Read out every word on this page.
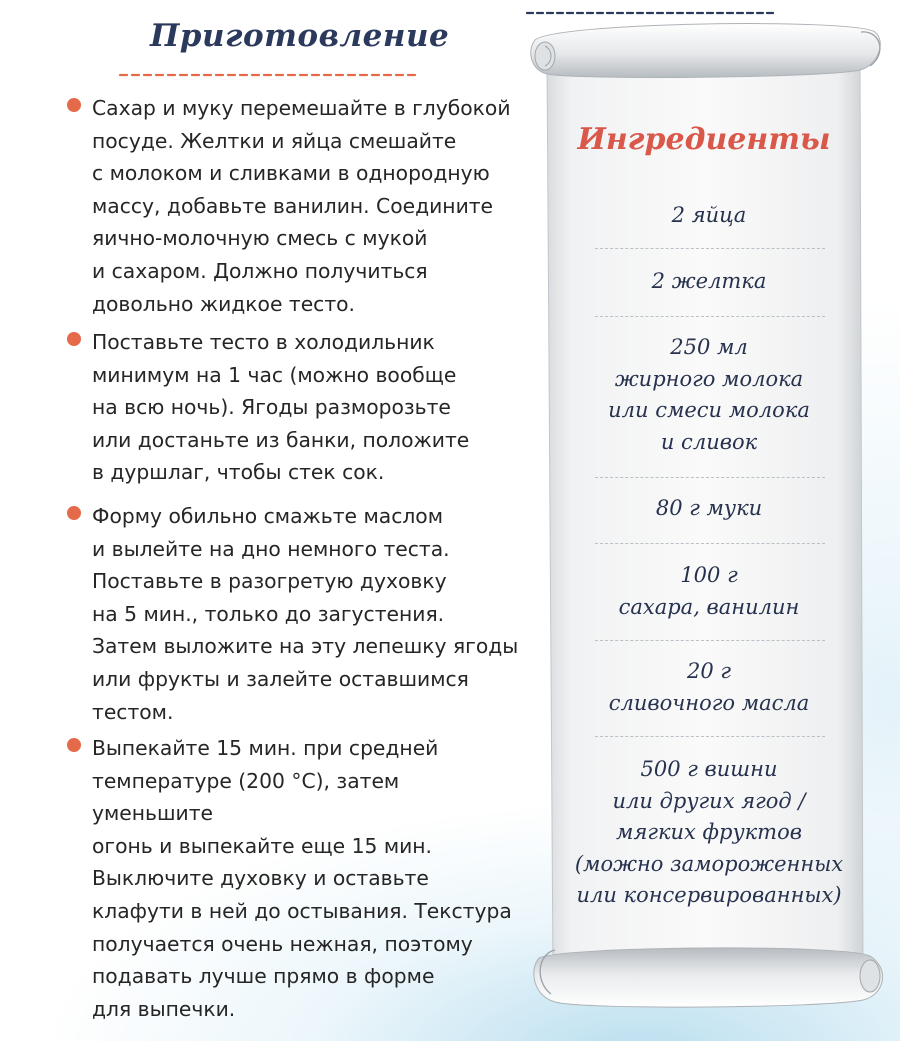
Приготовление

Сахар и муку перемешайте в глубокой
посуде. Желтки и яйца смешайте
с молоком и сливками в однородную
массу, добавьте ванилин. Соедините
яично-молочную смесь с мукой
и сахаром. Должно получиться
довольно жидкое тесто.

Поставьте тесто в холодильник
минимум на 1 час (можно вообще
на всю ночь). Ягоды разморозьте
или достаньте из банки, положите
в дуршлаг, чтобы стек сок.

Форму обильно смажьте маслом
и вылейте на дно немного теста.
Поставьте в разогретую духовку
на 5 мин., только до загустения.
Затем выложите на эту лепешку ягоды
или фрукты и залейте оставшимся
тестом.

Выпекайте 15 мин. при средней
температуре (200 °С), затем уменьшите
огонь и выпекайте еще 15 мин.
Выключите духовку и оставьте
клафути в ней до остывания. Текстура
получается очень нежная, поэтому
подавать лучше прямо в форме
для выпечки.

Ингредиенты

2 яйца

2 желтка

250 мл
жирного молока
или смеси молока
и сливок

80 г муки

100 г
сахара, ванилин

20 г
сливочного масла

500 г вишни
или других ягод /
мягких фруктов
(можно замороженных
или консервированных)
